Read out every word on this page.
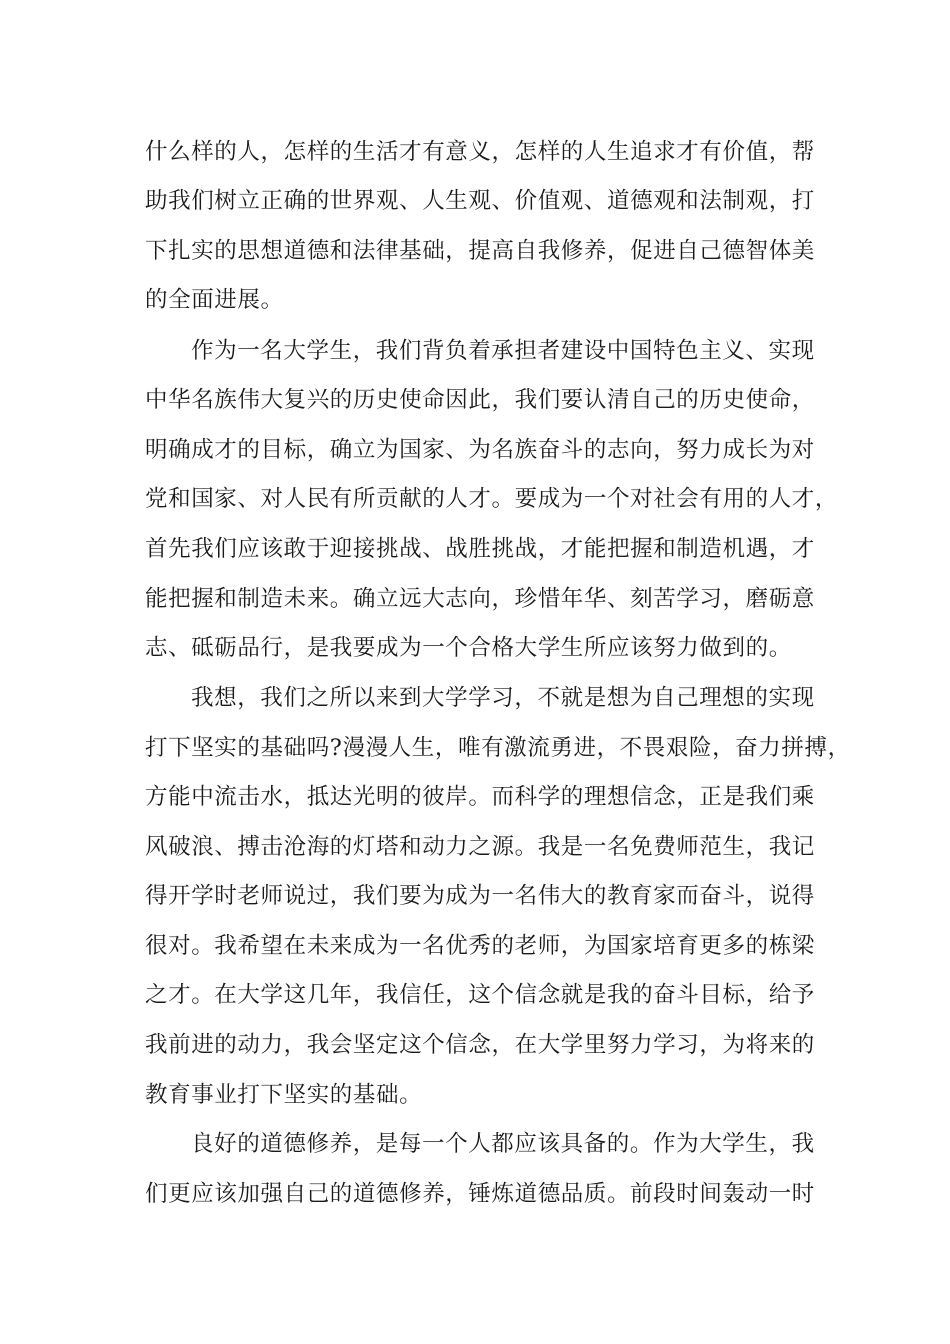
什么样的人，怎样的生活才有意义，怎样的人生追求才有价值，帮
助我们树立正确的世界观、人生观、价值观、道德观和法制观，打
下扎实的思想道德和法律基础，提高自我修养，促进自己德智体美
的全面进展。
作为一名大学生，我们背负着承担者建设中国特色主义、实现
中华名族伟大复兴的历史使命因此，我们要认清自己的历史使命，
明确成才的目标，确立为国家、为名族奋斗的志向，努力成长为对
党和国家、对人民有所贡献的人才。要成为一个对社会有用的人才，
首先我们应该敢于迎接挑战、战胜挑战，才能把握和制造机遇，才
能把握和制造未来。确立远大志向，珍惜年华、刻苦学习，磨砺意
志、砥砺品行，是我要成为一个合格大学生所应该努力做到的。
我想，我们之所以来到大学学习，不就是想为自己理想的实现
打下坚实的基础吗?漫漫人生，唯有激流勇进，不畏艰险，奋力拼搏，
方能中流击水，抵达光明的彼岸。而科学的理想信念，正是我们乘
风破浪、搏击沧海的灯塔和动力之源。我是一名免费师范生，我记
得开学时老师说过，我们要为成为一名伟大的教育家而奋斗，说得
很对。我希望在未来成为一名优秀的老师，为国家培育更多的栋梁
之才。在大学这几年，我信任，这个信念就是我的奋斗目标，给予
我前进的动力，我会坚定这个信念，在大学里努力学习，为将来的
教育事业打下坚实的基础。
良好的道德修养，是每一个人都应该具备的。作为大学生，我
们更应该加强自己的道德修养，锤炼道德品质。前段时间轰动一时
